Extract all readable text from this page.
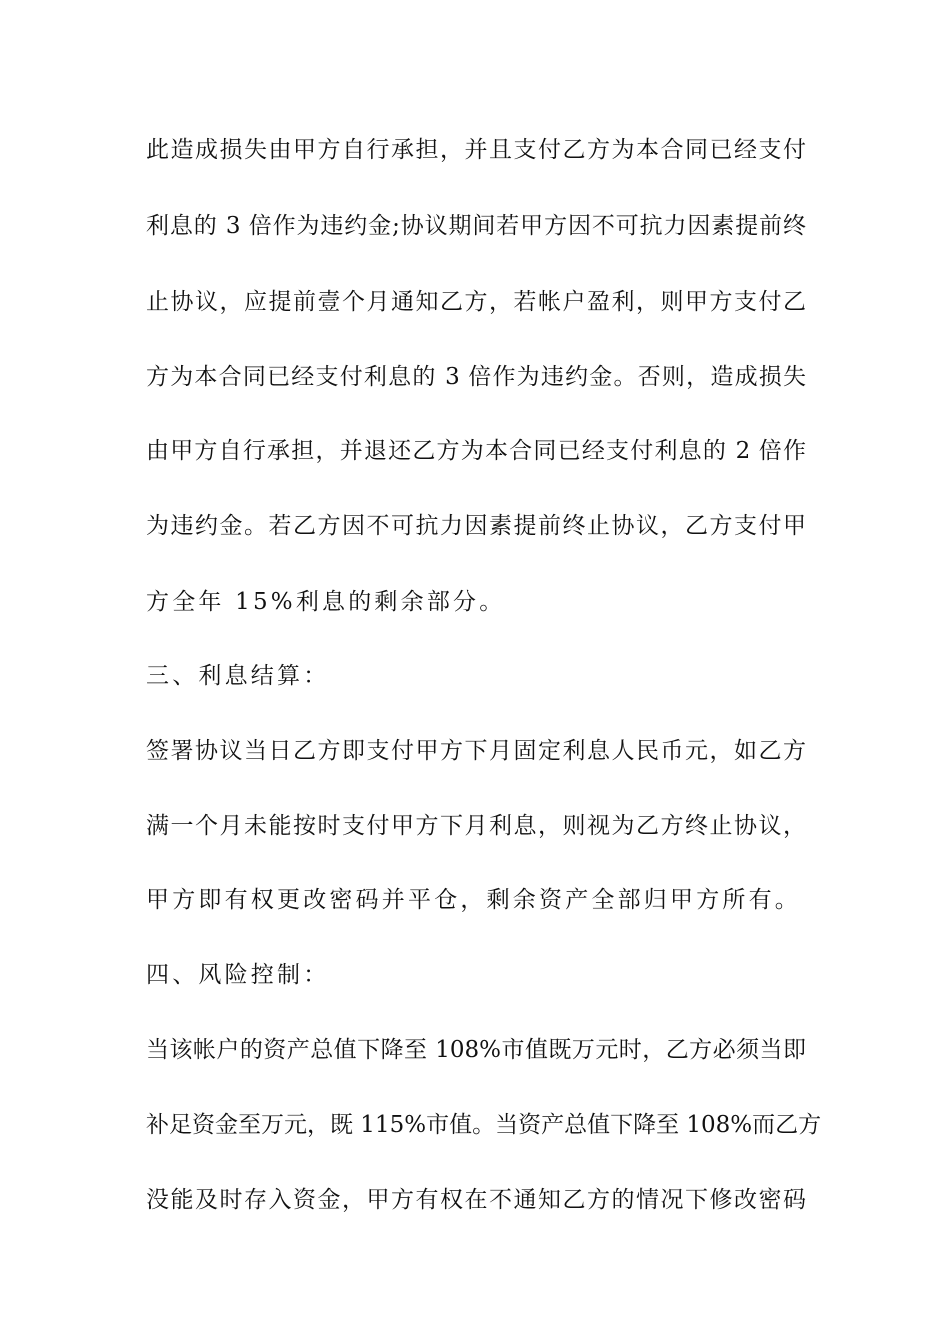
此造成损失由甲方自行承担，并且支付乙方为本合同已经支付
利息的 3 倍作为违约金;协议期间若甲方因不可抗力因素提前终
止协议，应提前壹个月通知乙方，若帐户盈利，则甲方支付乙
方为本合同已经支付利息的 3 倍作为违约金。否则，造成损失
由甲方自行承担，并退还乙方为本合同已经支付利息的 2 倍作
为违约金。若乙方因不可抗力因素提前终止协议，乙方支付甲
方全年 15%利息的剩余部分。
三、利息结算：
签署协议当日乙方即支付甲方下月固定利息人民币元，如乙方
满一个月未能按时支付甲方下月利息，则视为乙方终止协议，
甲方即有权更改密码并平仓，剩余资产全部归甲方所有。
四、风险控制：
当该帐户的资产总值下降至 108%市值既万元时，乙方必须当即
补足资金至万元，既 115%市值。当资产总值下降至 108%而乙方
没能及时存入资金，甲方有权在不通知乙方的情况下修改密码
